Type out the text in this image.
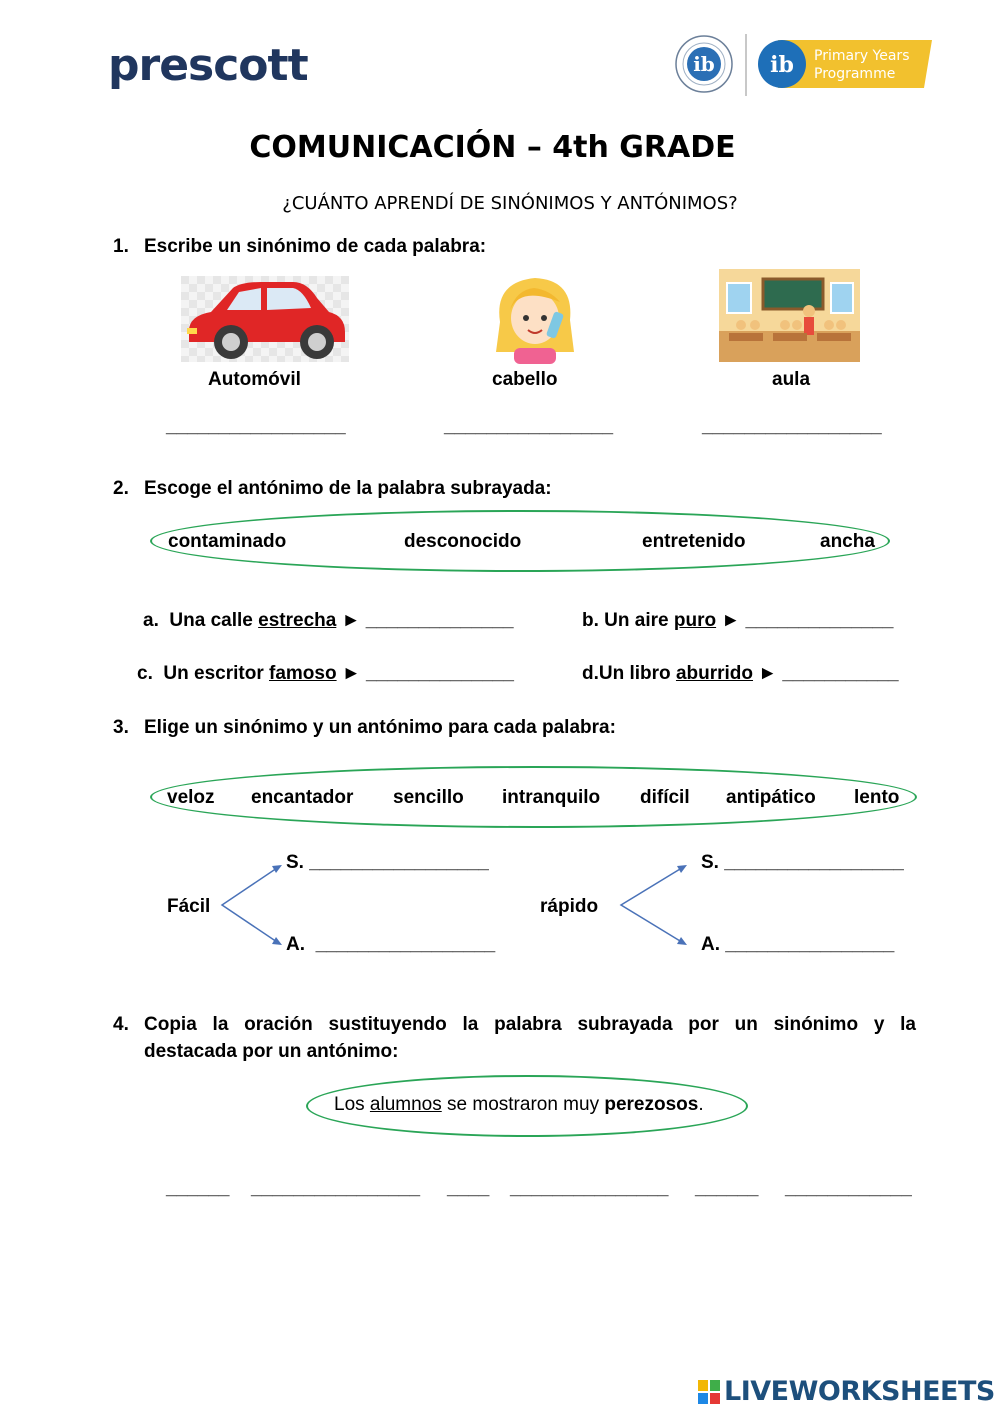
prescott	ib	ib Primary Years
Programme
COMUNICACIÓN – 4th GRADE
¿CUÁNTO APRENDÍ DE SINÓNIMOS Y ANTÓNIMOS?
1. Escribe un sinónimo de cada palabra:
Automóvil	cabello	aula
_________________	________________	_________________
2. Escoge el antónimo de la palabra subrayada:
contaminado	desconocido	entretenido	ancha
a. Una calle estrecha ► ______________	b. Un aire puro ► ______________
c. Un escritor famoso ► ______________	d.Un libro aburrido ► ___________
3. Elige un sinónimo y un antónimo para cada palabra:
veloz encantador sencillo intranquilo difícil antipático lento
Fácil
S. _________________
A. _________________
rápido
S. _________________
A. ________________
4. Copia la oración sustituyendo la palabra subrayada por un sinónimo y la
destacada por un antónimo:
Los alumnos se mostraron muy perezosos.
______ ________________ ____ _______________ ______ ____________
LIVEWORKSHEETS
